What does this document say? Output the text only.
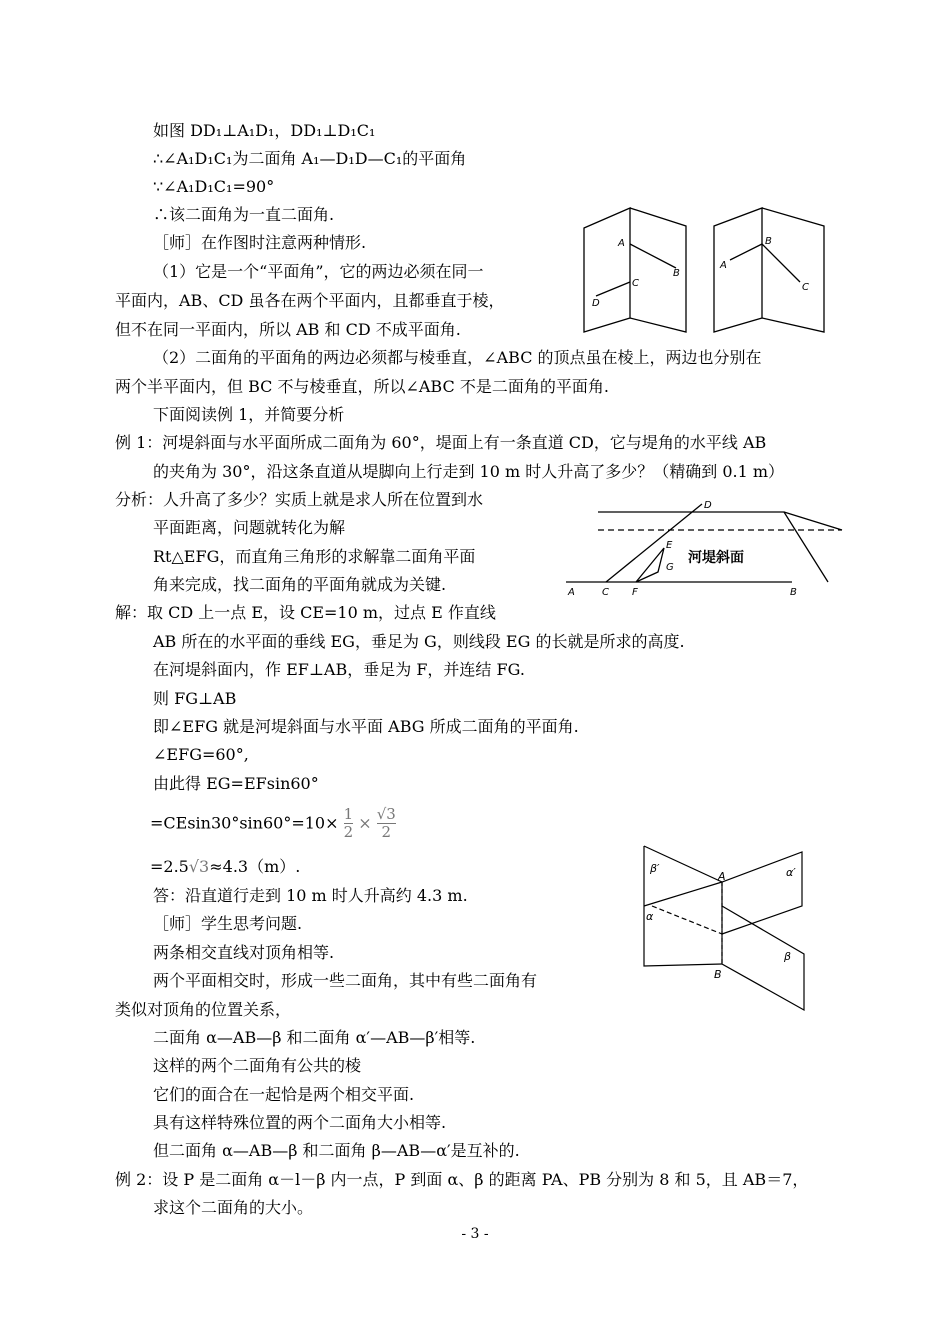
如图 DD₁⊥A₁D₁，DD₁⊥D₁C₁
∴∠A₁D₁C₁为二面角 A₁—D₁D—C₁的平面角
∵∠A₁D₁C₁=90°
∴该二面角为一直二面角.
［师］在作图时注意两种情形.
（1）它是一个“平面角”，它的两边必须在同一
平面内，AB、CD 虽各在两个平面内，且都垂直于棱，
但不在同一平面内，所以 AB 和 CD 不成平面角.
（2）二面角的平面角的两边必须都与棱垂直，∠ABC 的顶点虽在棱上，两边也分别在
两个半平面内，但 BC 不与棱垂直，所以∠ABC 不是二面角的平面角.
下面阅读例 1，并简要分析
例 1：河堤斜面与水平面所成二面角为 60°，堤面上有一条直道 CD，它与堤角的水平线 AB
的夹角为 30°，沿这条直道从堤脚向上行走到 10 m 时人升高了多少？（精确到 0.1 m）
分析：人升高了多少？实质上就是求人所在位置到水
平面距离，问题就转化为解
Rt△EFG，而直角三角形的求解靠二面角平面
角来完成，找二面角的平面角就成为关键.
解：取 CD 上一点 E，设 CE=10 m，过点 E 作直线
AB 所在的水平面的垂线 EG，垂足为 G，则线段 EG 的长就是所求的高度.
在河堤斜面内，作 EF⊥AB，垂足为 F，并连结 FG.
则 FG⊥AB
即∠EFG 就是河堤斜面与水平面 ABG 所成二面角的平面角.
∠EFG=60°,
由此得 EG=EFsin60°
$=CEsin30^\circ\sin 60^\circ=10\times \frac{1}{2} \times \frac{√3}{2}$
=2.5√3≈4.3（m）.
答：沿直道行走到 10 m 时人升高约 4.3 m.
［师］学生思考问题.
两条相交直线对顶角相等.
两个平面相交时，形成一些二面角，其中有些二面角有
类似对顶角的位置关系，
二面角 α—AB—β 和二面角 α′—AB—β′相等.
这样的两个二面角有公共的棱
它们的面合在一起恰是两个相交平面.
具有这样特殊位置的两个二面角大小相等.
但二面角 α—AB—β 和二面角 β—AB—α′是互补的.
例 2：设 P 是二面角 α－l－β 内一点，P 到面 α、β 的距离 PA、PB 分别为 8 和 5，且 AB＝7，
求这个二面角的大小。
A
B
C
D
B
A
C
D
E
G
A	C F	B
河堤斜面
β′
A	α′
α
B
β
- 3 -
